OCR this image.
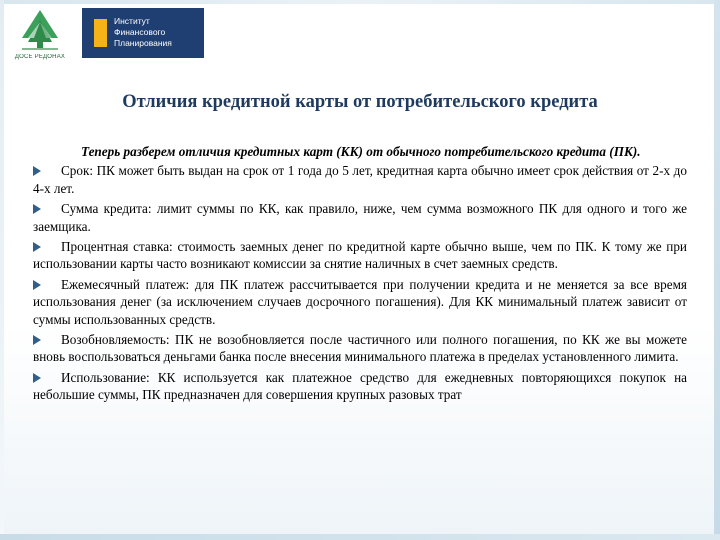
ДОСЕ РЕДОНАХ
Институт
Финансового
Планирования
Отличия кредитной карты от потребительского кредита

Теперь разберем отличия кредитных карт (КК) от обычного потребительского кредита (ПК).

Срок: ПК может быть выдан на срок от 1 года до 5 лет, кредитная карта обычно имеет срок действия от 2-х до 4-х лет.
Сумма кредита: лимит суммы по КК, как правило, ниже, чем сумма возможного ПК для одного и того же заемщика.
Процентная ставка: стоимость заемных денег по кредитной карте обычно выше, чем по ПК. К тому же при использовании карты часто возникают комиссии за снятие наличных в счет заемных средств.
Ежемесячный платеж: для ПК платеж рассчитывается при получении кредита и не меняется за все время использования денег (за исключением случаев досрочного погашения). Для КК минимальный платеж зависит от суммы использованных средств.
Возобновляемость: ПК не возобновляется после частичного или полного погашения, по КК же вы можете вновь воспользоваться деньгами банка после внесения минимального платежа в пределах установленного лимита.
Использование: КК используется как платежное средство для ежедневных повторяющихся покупок на небольшие суммы, ПК предназначен для совершения крупных разовых трат
